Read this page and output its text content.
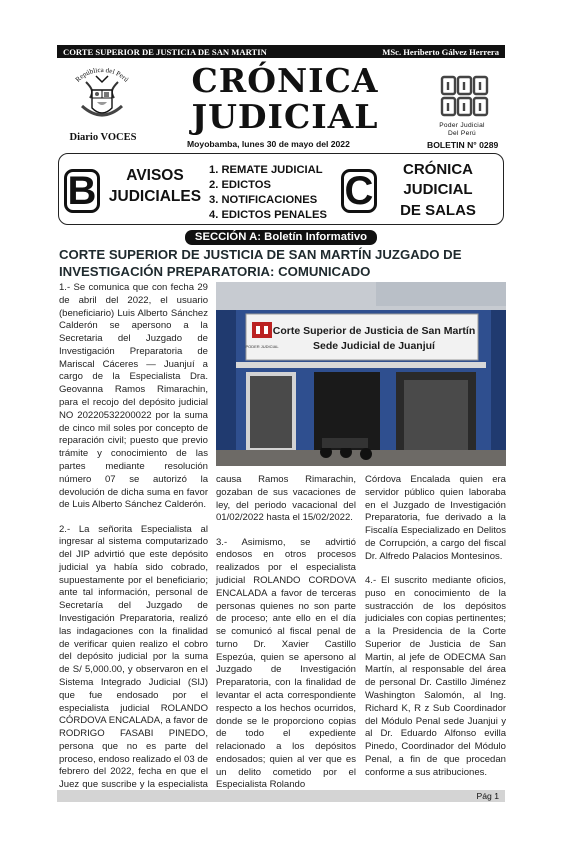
CORTE SUPERIOR DE JUSTICIA DE SAN MARTIN	MSc. Heriberto Gálvez Herrera
República del Perú
Diario VOCES
CRÓNICA
JUDICIAL
Moyobamba, lunes 30 de mayo del 2022
Poder Judicial
Del Perú
BOLETIN N° 0289
B	AVISOS
JUDICIALES
1. REMATE JUDICIAL
2. EDICTOS
3. NOTIFICACIONES
4. EDICTOS PENALES
C	CRÓNICA
JUDICIAL
DE SALAS
SECCIÓN A: Boletín Informativo
CORTE SUPERIOR DE JUSTICIA DE SAN MARTÍN JUZGADO DE INVESTIGACIÓN PREPARATORIA: COMUNICADO
PODER JUDICIAL
Corte Superior de Justicia de San Martín
Sede Judicial de Juanjuí

1.- Se comunica que con fecha 29 de abril del 2022, el usuario (beneficiario) Luis Alberto Sánchez Calderón se apersono a la Secretaria del Juzgado de Investigación Preparatoria de Mariscal Cáceres — Juanjuí a cargo de la Especialista Dra. Geovanna Ramos Rimarachin, para el recojo del depósito judicial NO 20220532200022 por la suma de cinco mil soles por concepto de reparación civil; puesto que previo trámite y conocimiento de las partes mediante resolución número 07 se autorizó la devolución de dicha suma en favor de Luis Alberto Sánchez Calderón.

2.- La señorita Especialista al ingresar al sistema computarizado del JIP advirtió que este depósito judicial ya había sido cobrado, supuestamente por el beneficiario; ante tal información, personal de Secretaría del Juzgado de Investigación Preparatoria, realizó las indagaciones con la finalidad de verificar quien realizo el cobro del depósito judicial por la suma de S/ 5,000.00, y observaron en el Sistema Integrado Judicial (SIJ) que fue endosado por el especialista judicial ROLANDO CÓRDOVA ENCALADA, a favor de RODRIGO FASABI PINEDO, persona que no es parte del proceso, endoso realizado el 03 de febrero del 2022, fecha en que el Juez que suscribe y la especialista

causa Ramos Rimarachin, gozaban de sus vacaciones de ley, del periodo vacacional del 01/02/2022 hasta el 15/02/2022.

3.- Asimismo, se advirtió endosos en otros procesos realizados por el especialista judicial ROLANDO CORDOVA ENCALADA a favor de terceras personas quienes no son parte de proceso; ante ello en el día se comunicó al fiscal penal de turno Dr. Xavier Castillo Espezúa, quien se apersono al Juzgado de Investigación Preparatoria, con la finalidad de levantar el acta correspondiente respecto a los hechos ocurridos, donde se le proporciono copias de todo el expediente relacionado a los depósitos endosados; quien al ver que es un delito cometido por el Especialista Rolando

Córdova Encalada quien era servidor público quien laboraba en el Juzgado de Investigación Preparatoria, fue derivado a la Fiscalía Especializado en Delitos de Corrupción, a cargo del fiscal Dr. Alfredo Palacios Montesinos.

4.- El suscrito mediante oficios, puso en conocimiento de la sustracción de los depósitos judiciales con copias pertinentes; a la Presidencia de la Corte Superior de Justicia de San Martin, al jefe de ODECMA San Martín, al responsable del área de personal Dr. Castillo Jiménez Washington Salomón, al Ing. Richard K, R z Sub Coordinador del Módulo Penal sede Juanjui y al Dr. Eduardo Alfonso evilla Pinedo, Coordinador del Módulo Penal, a fin de que procedan conforme a sus atribuciones.

Pág 1
